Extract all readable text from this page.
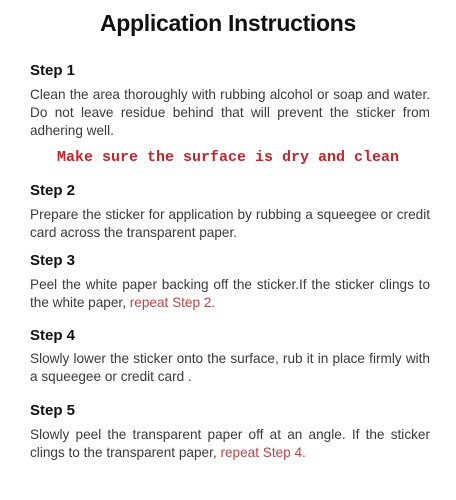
Application Instructions
Step 1
Clean the area thoroughly with rubbing alcohol or soap and water. Do not leave residue behind that will prevent the sticker from adhering well.
Make sure the surface is dry and clean
Step 2
Prepare the sticker for application by rubbing a squeegee or credit card across the transparent paper.
Step 3
Peel the white paper backing off the sticker.If the sticker clings to the white paper, repeat Step 2.
Step 4
Slowly lower the sticker onto the surface, rub it in place firmly with a squeegee or credit card .
Step 5
Slowly peel the transparent paper off at an angle. If the sticker clings to the transparent paper, repeat Step 4.
